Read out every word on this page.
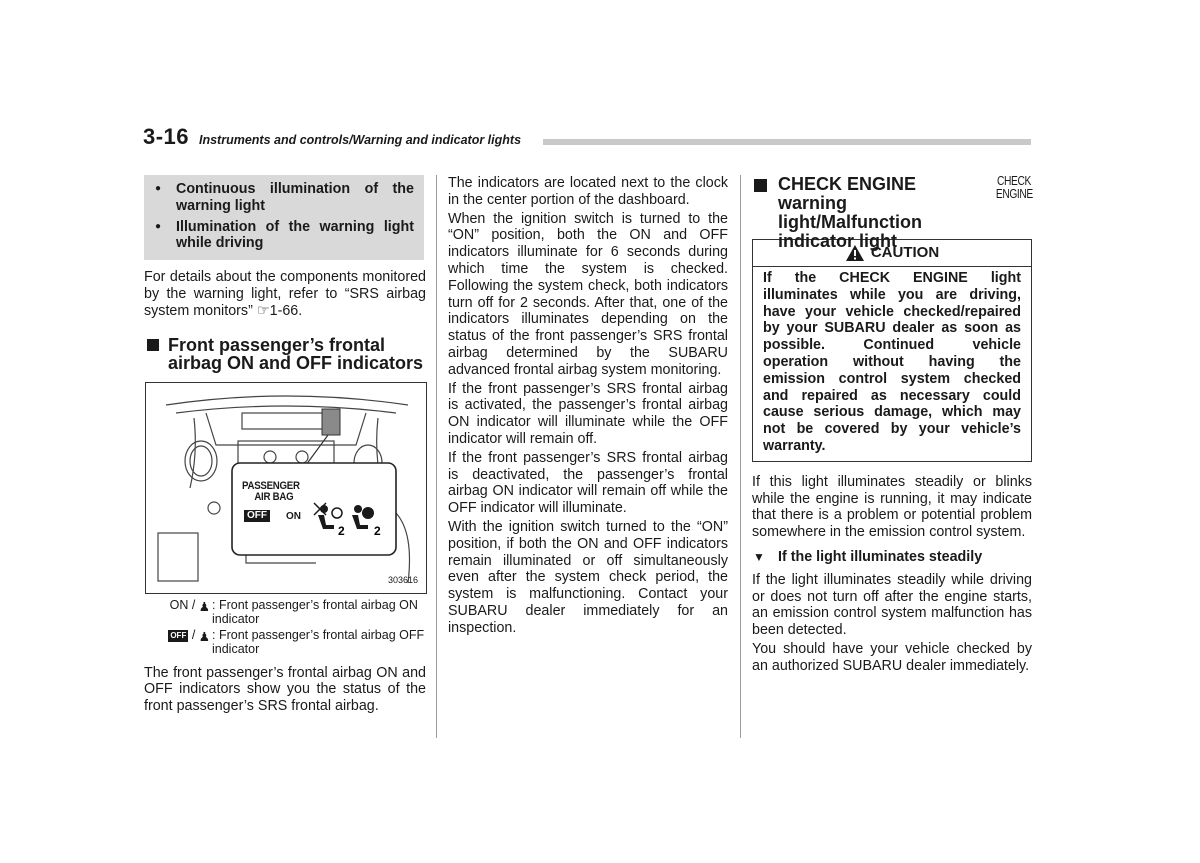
3-16 Instruments and controls/Warning and indicator lights
●	Continuous illumination of the warning light
●	Illumination of the warning light while driving

For details about the components monitored by the warning light, refer to “SRS airbag system monitors” ☞1-66.

Front passenger’s frontal airbag ON and OFF indicators
PASSENGER
AIR BAG
OFF	ON
2 2
303616
ON / ♟ : Front passenger’s frontal airbag ON indicator
OFF / ♟ : Front passenger’s frontal airbag OFF indicator

The front passenger’s frontal airbag ON and OFF indicators show you the status of the front passenger’s SRS frontal airbag.

The indicators are located next to the clock in the center portion of the dashboard.

When the ignition switch is turned to the “ON” position, both the ON and OFF indicators illuminate for 6 seconds during which time the system is checked. Following the system check, both indicators turn off for 2 seconds. After that, one of the indicators illuminates depending on the status of the front passenger’s SRS frontal airbag determined by the SUBARU advanced frontal airbag system monitoring.

If the front passenger’s SRS frontal airbag is activated, the passenger’s frontal airbag ON indicator will illuminate while the OFF indicator will remain off.

If the front passenger’s SRS frontal airbag is deactivated, the passenger’s frontal airbag ON indicator will remain off while the OFF indicator will illuminate.

With the ignition switch turned to the “ON” position, if both the ON and OFF indicators remain illuminated or off simultaneously even after the system check period, the system is malfunctioning. Contact your SUBARU dealer immediately for an inspection.

CHECK ENGINE warning light/Malfunction indicator light
CHECK
ENGINE
CAUTION
If the CHECK ENGINE light illuminates while you are driving, have your vehicle checked/repaired by your SUBARU dealer as soon as possible. Continued vehicle operation without having the emission control system checked and repaired as necessary could cause serious damage, which may not be covered by your vehicle’s warranty.

If this light illuminates steadily or blinks while the engine is running, it may indicate that there is a problem or potential problem somewhere in the emission control system.

▼ If the light illuminates steadily

If the light illuminates steadily while driving or does not turn off after the engine starts, an emission control system malfunction has been detected.

You should have your vehicle checked by an authorized SUBARU dealer immediately.
